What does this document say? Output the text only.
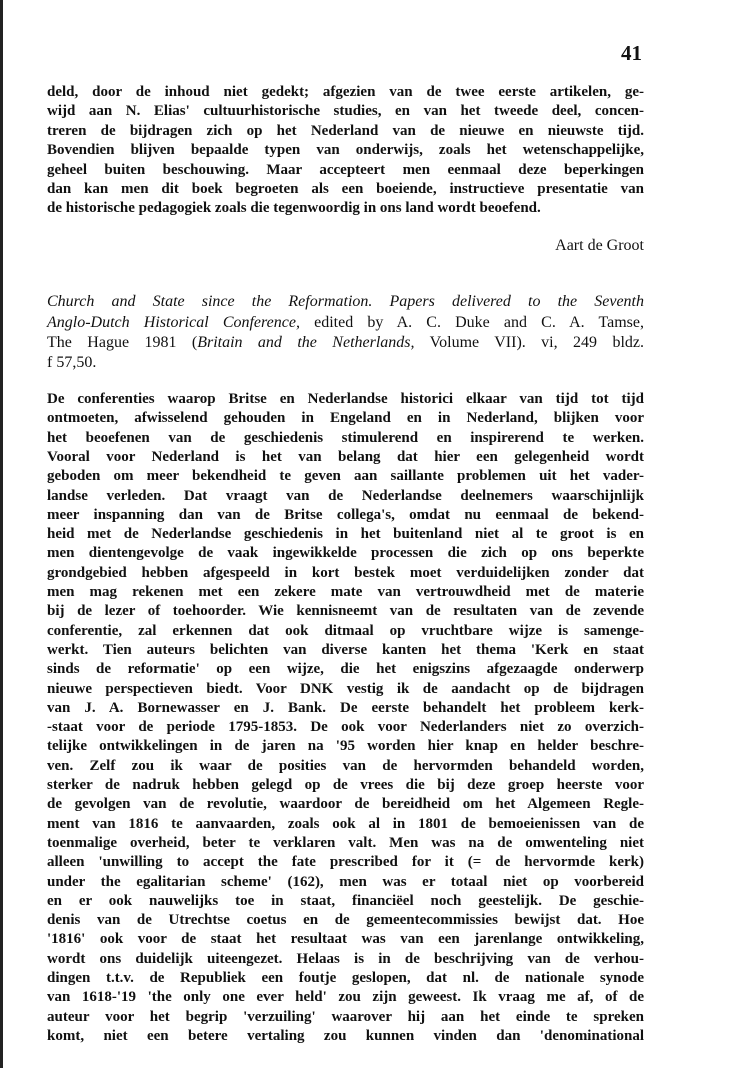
41
deld, door de inhoud niet gedekt; afgezien van de twee eerste artikelen, ge-
wijd aan N. Elias' cultuurhistorische studies, en van het tweede deel, concen-
treren de bijdragen zich op het Nederland van de nieuwe en nieuwste tijd.
Bovendien blijven bepaalde typen van onderwijs, zoals het wetenschappelijke,
geheel buiten beschouwing. Maar accepteert men eenmaal deze beperkingen
dan kan men dit boek begroeten als een boeiende, instructieve presentatie van
de historische pedagogiek zoals die tegenwoordig in ons land wordt beoefend.
Aart de Groot
Church and State since the Reformation. Papers delivered to the Seventh
Anglo-Dutch Historical Conference, edited by A. C. Duke and C. A. Tamse,
The Hague 1981 (Britain and the Netherlands, Volume VII). vi, 249 bldz.
f 57,50.
De conferenties waarop Britse en Nederlandse historici elkaar van tijd tot tijd
ontmoeten, afwisselend gehouden in Engeland en in Nederland, blijken voor
het beoefenen van de geschiedenis stimulerend en inspirerend te werken.
Vooral voor Nederland is het van belang dat hier een gelegenheid wordt
geboden om meer bekendheid te geven aan saillante problemen uit het vader-
landse verleden. Dat vraagt van de Nederlandse deelnemers waarschijnlijk
meer inspanning dan van de Britse collega's, omdat nu eenmaal de bekend-
heid met de Nederlandse geschiedenis in het buitenland niet al te groot is en
men dientengevolge de vaak ingewikkelde processen die zich op ons beperkte
grondgebied hebben afgespeeld in kort bestek moet verduidelijken zonder dat
men mag rekenen met een zekere mate van vertrouwdheid met de materie
bij de lezer of toehoorder. Wie kennisneemt van de resultaten van de zevende
conferentie, zal erkennen dat ook ditmaal op vruchtbare wijze is samenge-
werkt. Tien auteurs belichten van diverse kanten het thema 'Kerk en staat
sinds de reformatie' op een wijze, die het enigszins afgezaagde onderwerp
nieuwe perspectieven biedt. Voor DNK vestig ik de aandacht op de bijdragen
van J. A. Bornewasser en J. Bank. De eerste behandelt het probleem kerk-
-staat voor de periode 1795-1853. De ook voor Nederlanders niet zo overzich-
telijke ontwikkelingen in de jaren na '95 worden hier knap en helder beschre-
ven. Zelf zou ik waar de posities van de hervormden behandeld worden,
sterker de nadruk hebben gelegd op de vrees die bij deze groep heerste voor
de gevolgen van de revolutie, waardoor de bereidheid om het Algemeen Regle-
ment van 1816 te aanvaarden, zoals ook al in 1801 de bemoeienissen van de
toenmalige overheid, beter te verklaren valt. Men was na de omwenteling niet
alleen 'unwilling to accept the fate prescribed for it (= de hervormde kerk)
under the egalitarian scheme' (162), men was er totaal niet op voorbereid
en er ook nauwelijks toe in staat, financiëel noch geestelijk. De geschie-
denis van de Utrechtse coetus en de gemeentecommissies bewijst dat. Hoe
'1816' ook voor de staat het resultaat was van een jarenlange ontwikkeling,
wordt ons duidelijk uiteengezet. Helaas is in de beschrijving van de verhou-
dingen t.t.v. de Republiek een foutje geslopen, dat nl. de nationale synode
van 1618-'19 'the only one ever held' zou zijn geweest. Ik vraag me af, of de
auteur voor het begrip 'verzuiling' waarover hij aan het einde te spreken
komt, niet een betere vertaling zou kunnen vinden dan 'denominational
